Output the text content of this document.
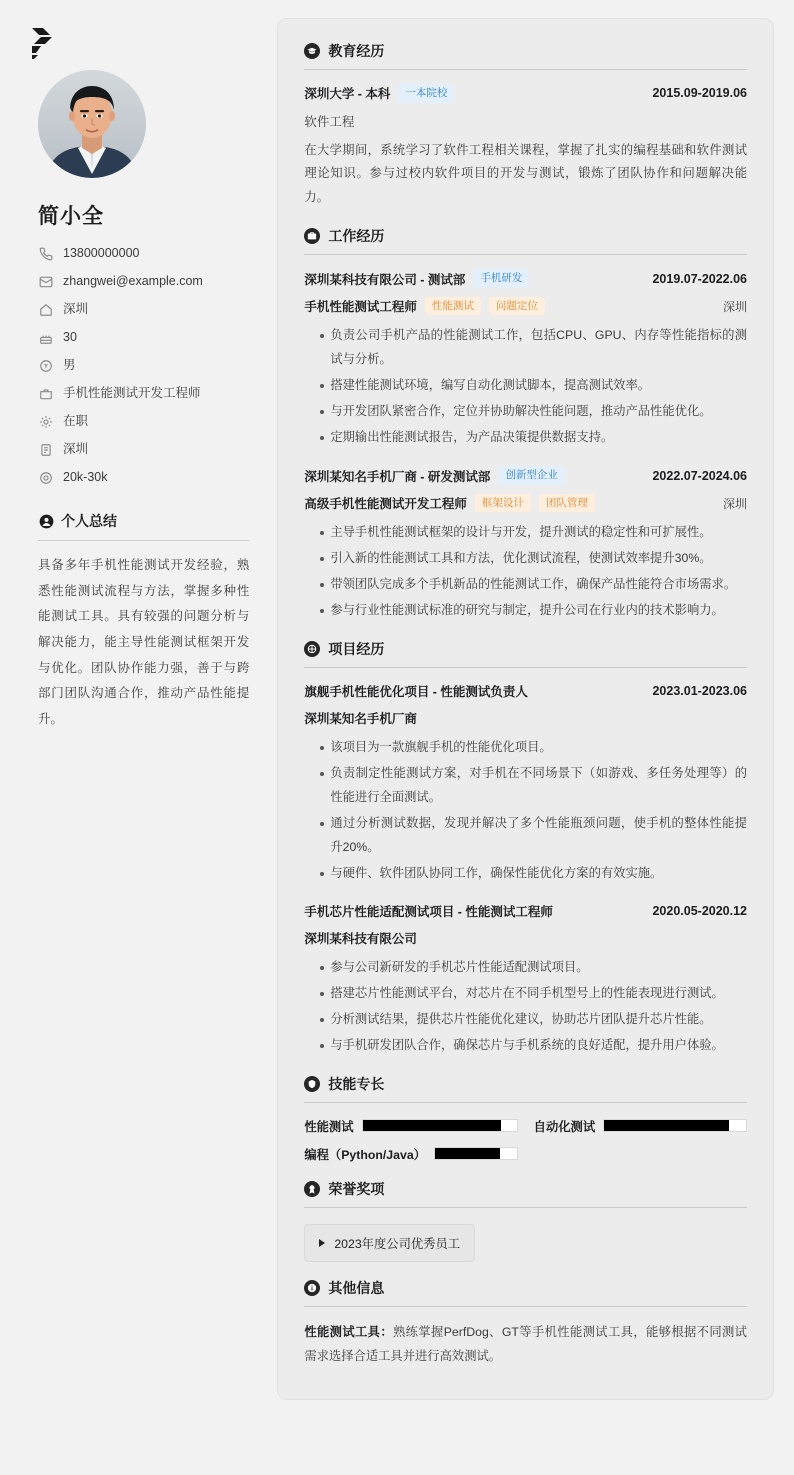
简小全
13800000000
zhangwei@example.com
深圳
30
男
手机性能测试开发工程师
在职
深圳
20k-30k
个人总结
具备多年手机性能测试开发经验，熟悉性能测试流程与方法，掌握多种性能测试工具。具有较强的问题分析与解决能力，能主导性能测试框架开发与优化。团队协作能力强，善于与跨部门团队沟通合作，推动产品性能提升。
教育经历
深圳大学 - 本科	一本院校	2015.09-2019.06
软件工程
在大学期间，系统学习了软件工程相关课程，掌握了扎实的编程基础和软件测试理论知识。参与过校内软件项目的开发与测试，锻炼了团队协作和问题解决能力。
工作经历
深圳某科技有限公司 - 测试部	手机研发	2019.07-2022.06
手机性能测试工程师	性能测试	问题定位	深圳
负责公司手机产品的性能测试工作，包括CPU、GPU、内存等性能指标的测试与分析。
搭建性能测试环境，编写自动化测试脚本，提高测试效率。
与开发团队紧密合作，定位并协助解决性能问题，推动产品性能优化。
定期输出性能测试报告，为产品决策提供数据支持。
深圳某知名手机厂商 - 研发测试部	创新型企业	2022.07-2024.06
高级手机性能测试开发工程师	框架设计	团队管理	深圳
主导手机性能测试框架的设计与开发，提升测试的稳定性和可扩展性。
引入新的性能测试工具和方法，优化测试流程，使测试效率提升30%。
带领团队完成多个手机新品的性能测试工作，确保产品性能符合市场需求。
参与行业性能测试标准的研究与制定，提升公司在行业内的技术影响力。
项目经历
旗舰手机性能优化项目 - 性能测试负责人	2023.01-2023.06
深圳某知名手机厂商
该项目为一款旗舰手机的性能优化项目。
负责制定性能测试方案，对手机在不同场景下（如游戏、多任务处理等）的性能进行全面测试。
通过分析测试数据，发现并解决了多个性能瓶颈问题，使手机的整体性能提升20%。
与硬件、软件团队协同工作，确保性能优化方案的有效实施。
手机芯片性能适配测试项目 - 性能测试工程师	2020.05-2020.12
深圳某科技有限公司
参与公司新研发的手机芯片性能适配测试项目。
搭建芯片性能测试平台，对芯片在不同手机型号上的性能表现进行测试。
分析测试结果，提供芯片性能优化建议，协助芯片团队提升芯片性能。
与手机研发团队合作，确保芯片与手机系统的良好适配，提升用户体验。
技能专长
性能测试	自动化测试
编程（Python/Java）
荣誉奖项
2023年度公司优秀员工
其他信息
性能测试工具：熟练掌握PerfDog、GT等手机性能测试工具，能够根据不同测试需求选择合适工具并进行高效测试。
